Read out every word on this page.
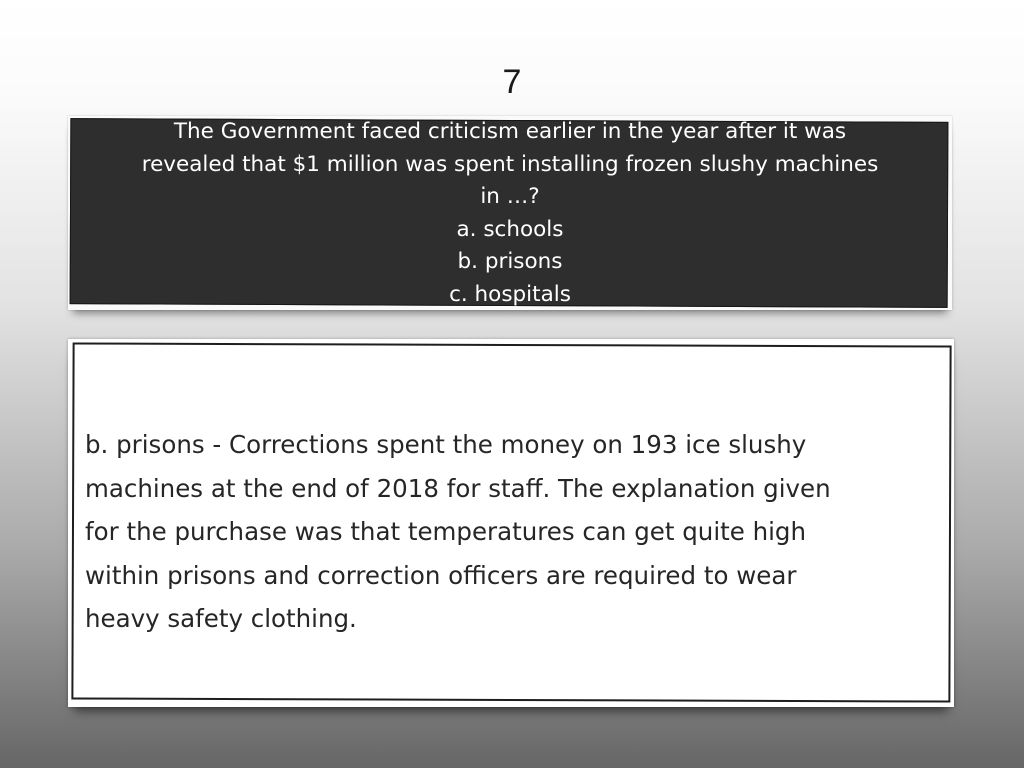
7
The Government faced criticism earlier in the year after it was
revealed that $1 million was spent installing frozen slushy machines
in …?
a. schools
b. prisons
c. hospitals
b. prisons - Corrections spent the money on 193 ice slushy
machines at the end of 2018 for staff. The explanation given
for the purchase was that temperatures can get quite high
within prisons and correction officers are required to wear
heavy safety clothing.
